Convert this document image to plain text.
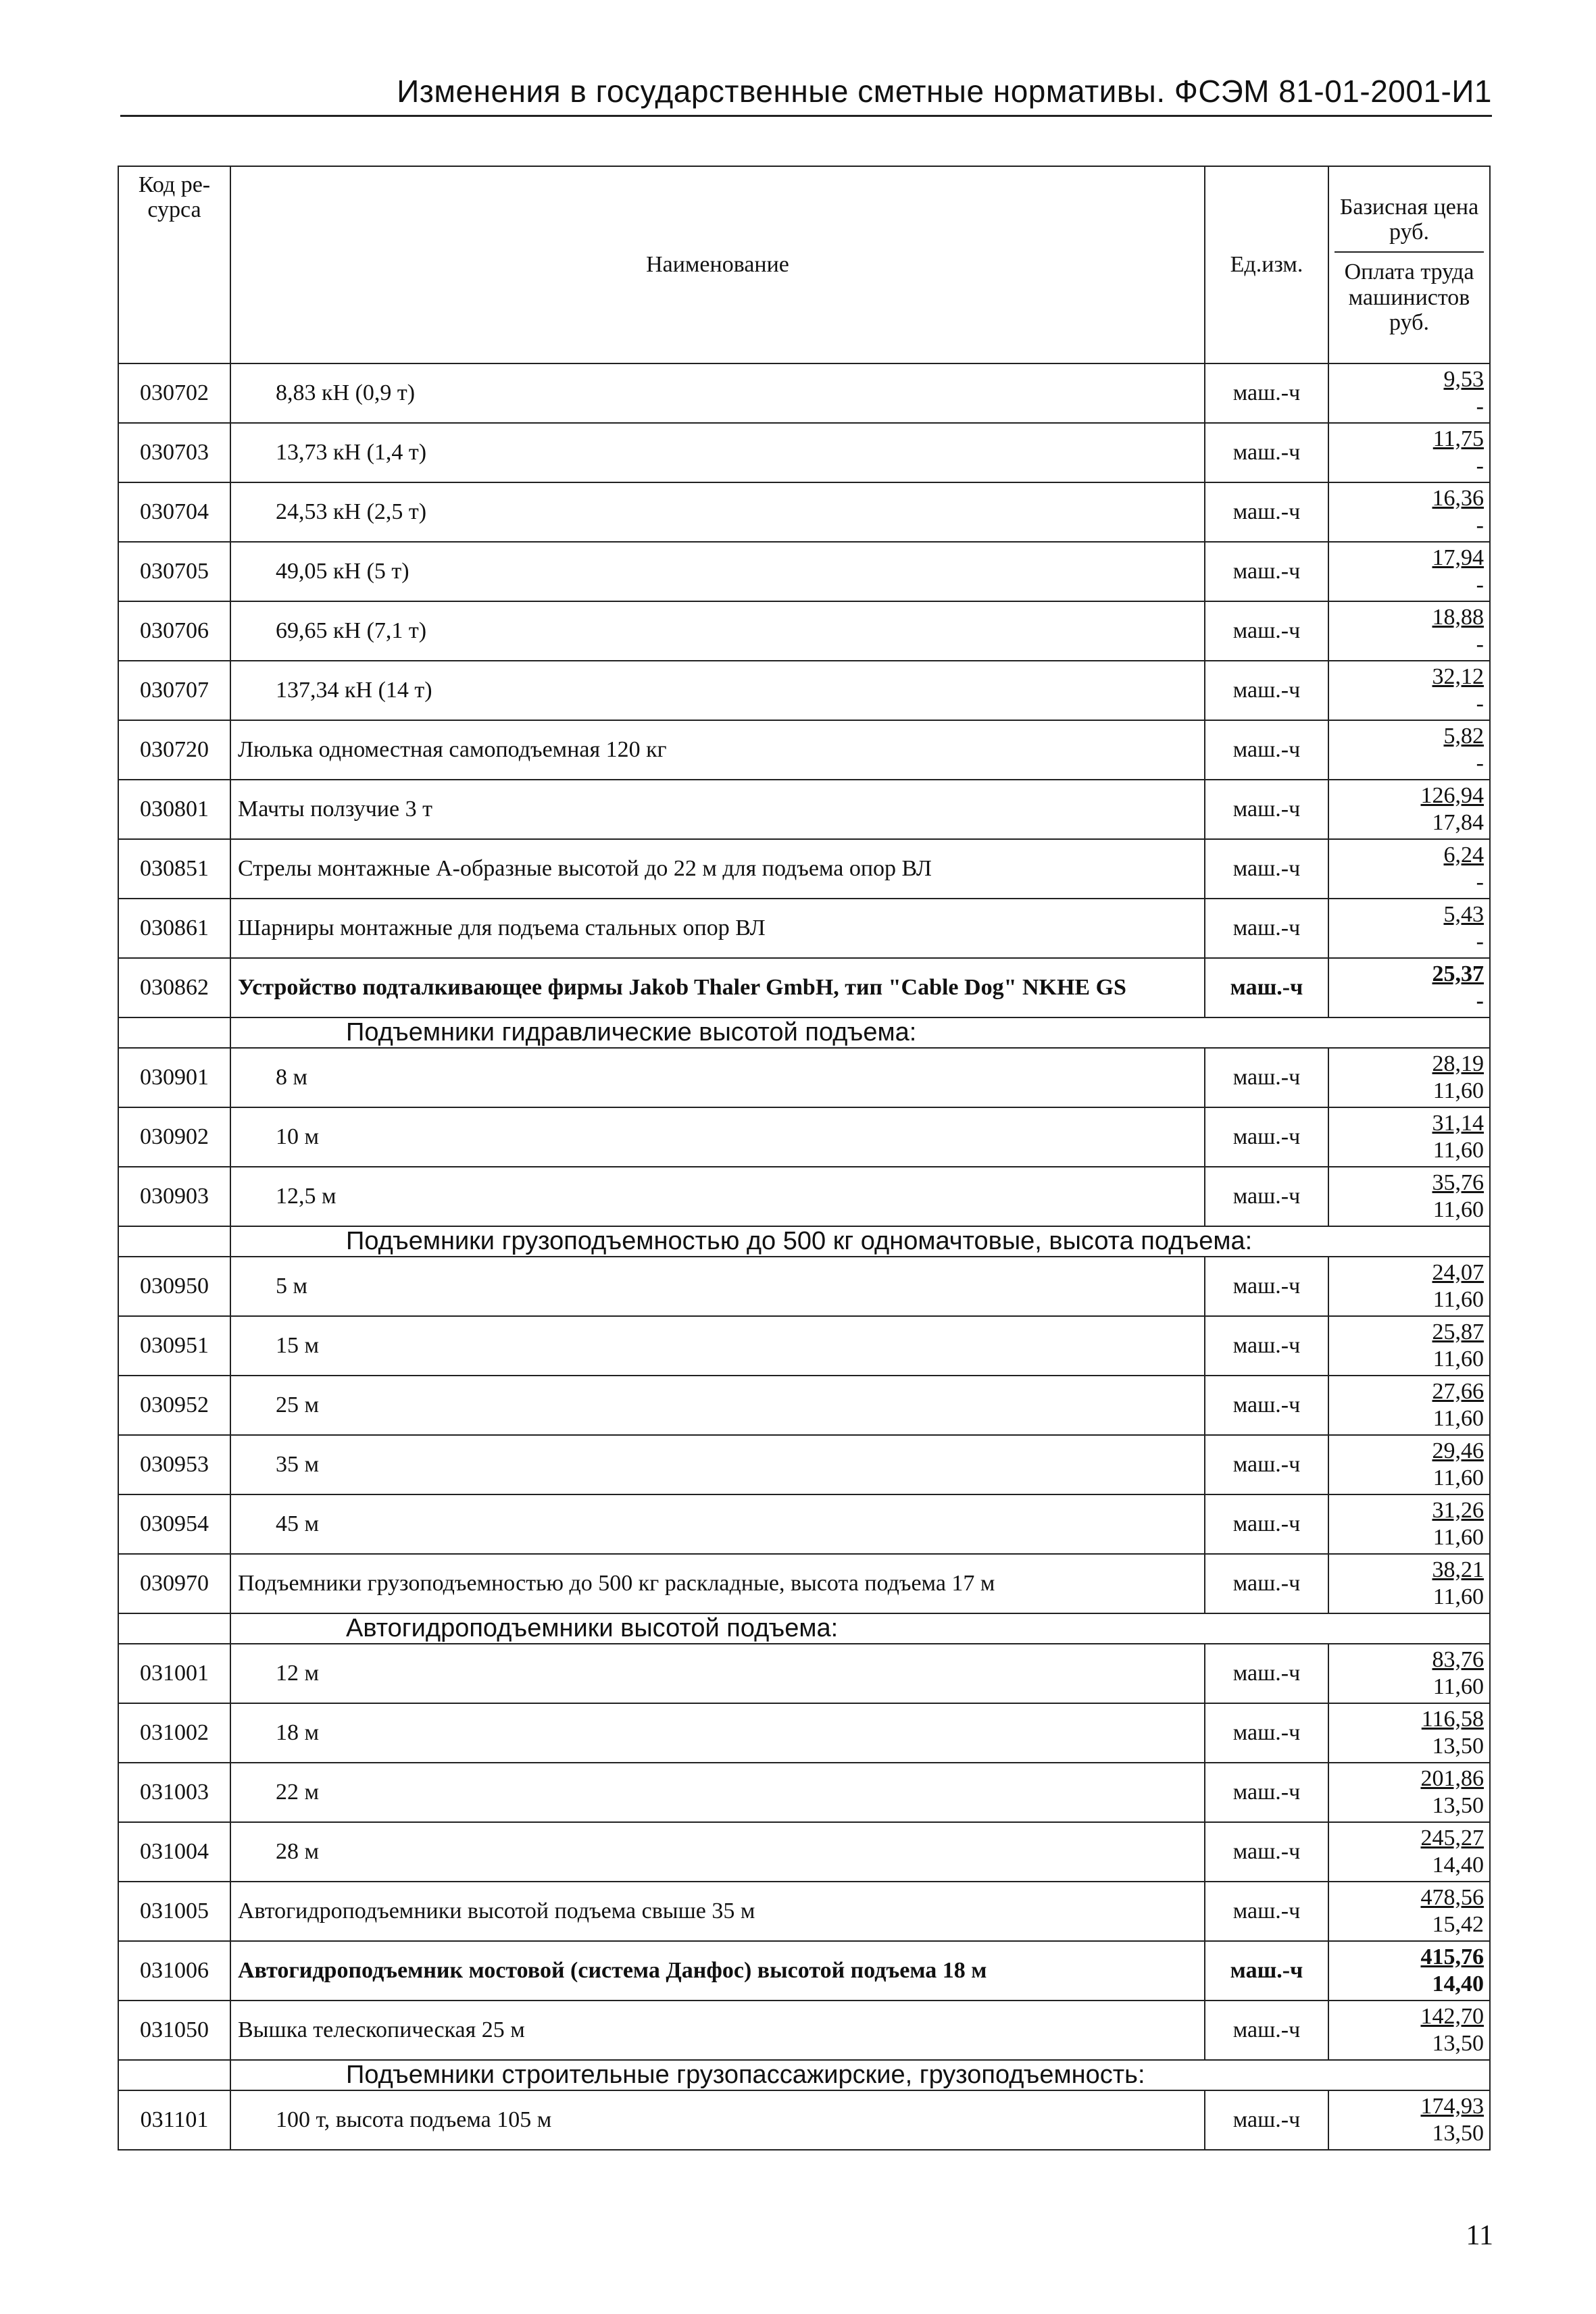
Изменения в государственные сметные нормативы. ФСЭМ 81-01-2001-И1
Код ре-сурса	Наименование	Ед.изм.	Базисная цена руб.
Оплата труда машинистов руб.
030702	8,83 кН (0,9 т)	маш.-ч	9,53
-

030703	13,73 кН (1,4 т)	маш.-ч	11,75
-

030704	24,53 кН (2,5 т)	маш.-ч	16,36
-

030705	49,05 кН (5 т)	маш.-ч	17,94
-

030706	69,65 кН (7,1 т)	маш.-ч	18,88
-

030707	137,34 кН (14 т)	маш.-ч	32,12
-

030720	Люлька одноместная самоподъемная 120 кг	маш.-ч	5,82
-

030801	Мачты ползучие 3 т	маш.-ч	126,94
17,84

030851	Стрелы монтажные А-образные высотой до 22 м для подъема опор ВЛ	маш.-ч	6,24
-

030861	Шарниры монтажные для подъема стальных опор ВЛ	маш.-ч	5,43
-

030862	Устройство подталкивающее фирмы Jakob Thaler GmbH, тип "Cable Dog" NKHE GS	маш.-ч	25,37
-

	Подъемники гидравлические высотой подъема:		
030901	8 м	маш.-ч	28,19
11,60

030902	10 м	маш.-ч	31,14
11,60

030903	12,5 м	маш.-ч	35,76
11,60

	Подъемники грузоподъемностью до 500 кг одномачтовые, высота подъема:		
030950	5 м	маш.-ч	24,07
11,60

030951	15 м	маш.-ч	25,87
11,60

030952	25 м	маш.-ч	27,66
11,60

030953	35 м	маш.-ч	29,46
11,60

030954	45 м	маш.-ч	31,26
11,60

030970	Подъемники грузоподъемностью до 500 кг раскладные, высота подъема 17 м	маш.-ч	38,21
11,60

	Автогидроподъемники высотой подъема:		
031001	12 м	маш.-ч	83,76
11,60

031002	18 м	маш.-ч	116,58
13,50

031003	22 м	маш.-ч	201,86
13,50

031004	28 м	маш.-ч	245,27
14,40

031005	Автогидроподъемники высотой подъема свыше 35 м	маш.-ч	478,56
15,42

031006	Автогидроподъемник мостовой (система Данфос) высотой подъема 18 м	маш.-ч	415,76
14,40

031050	Вышка телескопическая 25 м	маш.-ч	142,70
13,50

	Подъемники строительные грузопассажирские, грузоподъемность:		
031101	100 т, высота подъема 105 м	маш.-ч	174,93
13,50
11
